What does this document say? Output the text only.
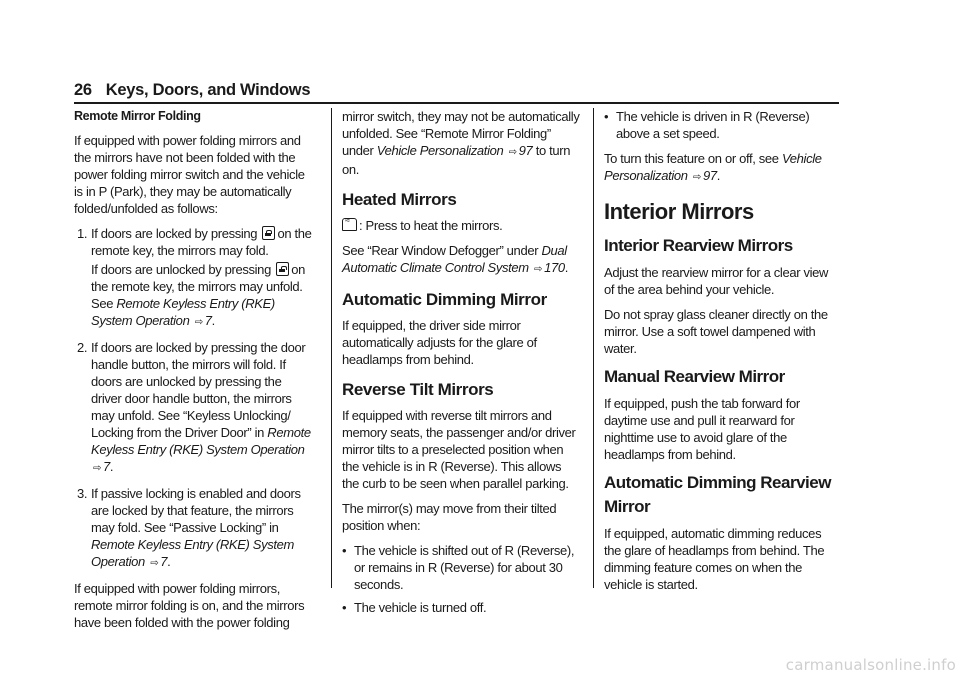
26 Keys, Doors, and Windows

Remote Mirror Folding

If equipped with power folding mirrors and the mirrors have not been folded with the power folding mirror switch and the vehicle is in P (Park), they may be automatically folded/unfolded as follows:

1. If doors are locked by pressing on the remote key, the mirrors may fold.
If doors are unlocked by pressing on the remote key, the mirrors may unfold. See Remote Keyless Entry (RKE) System Operation ⇨ 7.
2. If doors are locked by pressing the door handle button, the mirrors will fold. If doors are unlocked by pressing the driver door handle button, the mirrors may unfold. See “Keyless Unlocking/ Locking from the Driver Door” in Remote Keyless Entry (RKE) System Operation ⇨ 7.
3. If passive locking is enabled and doors are locked by that feature, the mirrors may fold. See “Passive Locking” in Remote Keyless Entry (RKE) System Operation ⇨ 7.

If equipped with power folding mirrors, remote mirror folding is on, and the mirrors have been folded with the power folding

mirror switch, they may not be automatically unfolded. See “Remote Mirror Folding” under Vehicle Personalization ⇨ 97 to turn on.

Heated Mirrors

≈: Press to heat the mirrors.

See “Rear Window Defogger” under Dual Automatic Climate Control System ⇨ 170.

Automatic Dimming Mirror

If equipped, the driver side mirror automatically adjusts for the glare of headlamps from behind.

Reverse Tilt Mirrors

If equipped with reverse tilt mirrors and memory seats, the passenger and/or driver mirror tilts to a preselected position when the vehicle is in R (Reverse). This allows the curb to be seen when parallel parking.

The mirror(s) may move from their tilted position when:

• The vehicle is shifted out of R (Reverse), or remains in R (Reverse) for about 30 seconds.
• The vehicle is turned off.
• The vehicle is driven in R (Reverse) above a set speed.

To turn this feature on or off, see Vehicle Personalization ⇨ 97.

Interior Mirrors
Interior Rearview Mirrors

Adjust the rearview mirror for a clear view of the area behind your vehicle.

Do not spray glass cleaner directly on the mirror. Use a soft towel dampened with water.

Manual Rearview Mirror

If equipped, push the tab forward for daytime use and pull it rearward for nighttime use to avoid glare of the headlamps from behind.

Automatic Dimming Rearview Mirror

If equipped, automatic dimming reduces the glare of headlamps from behind. The dimming feature comes on when the vehicle is started.

carmanualsonline.info
